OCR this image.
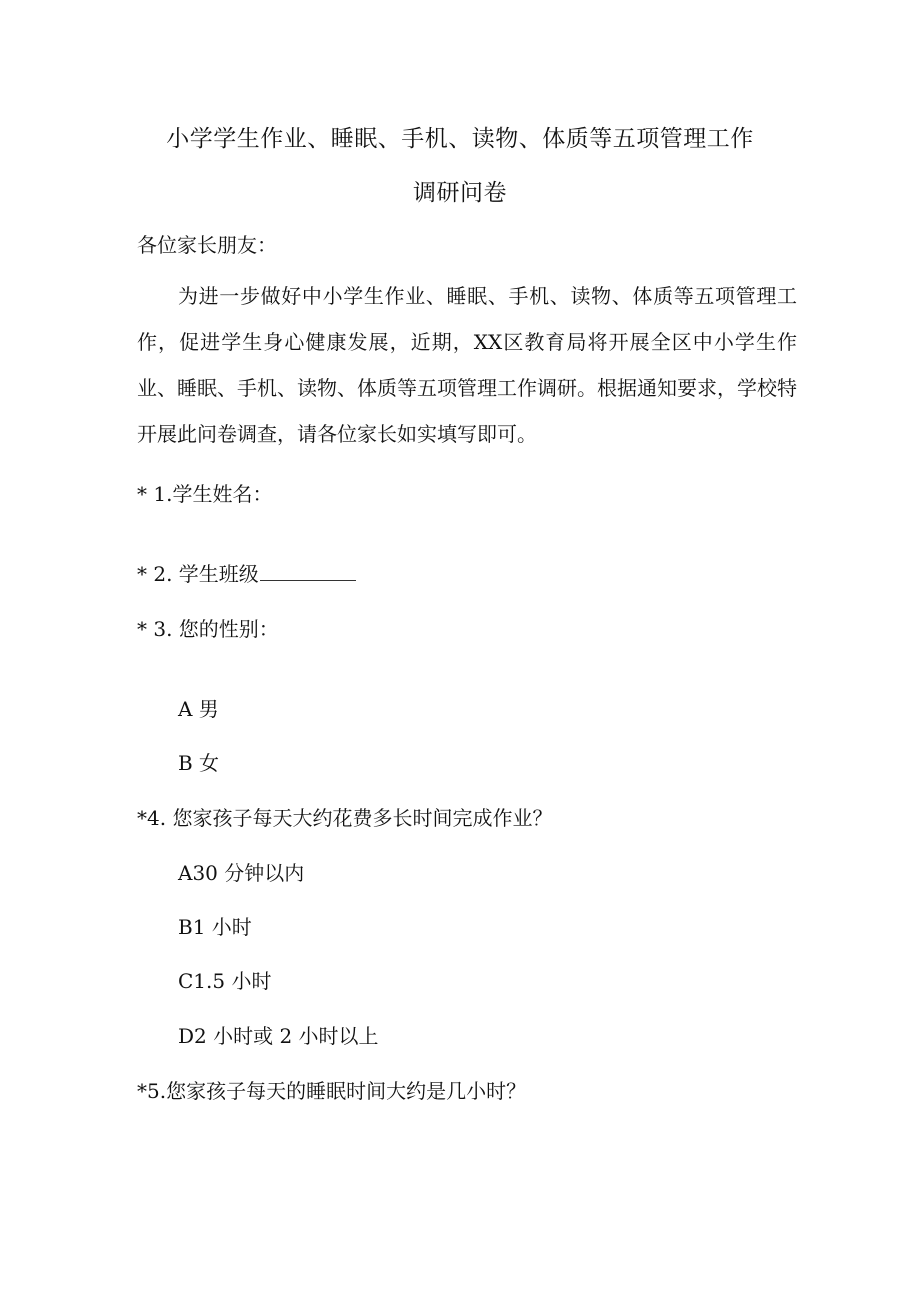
小学学生作业、睡眠、手机、读物、体质等五项管理工作
调研问卷
各位家长朋友：
为进一步做好中小学生作业、睡眠、手机、读物、体质等五项管理工作，促进学生身心健康发展，近期，XX区教育局将开展全区中小学生作业、睡眠、手机、读物、体质等五项管理工作调研。根据通知要求，学校特开展此问卷调查，请各位家长如实填写即可。
* 1.学生姓名：
* 2. 学生班级
* 3. 您的性别：
A 男
B 女
*4. 您家孩子每天大约花费多长时间完成作业？
A30 分钟以内
B1 小时
C1.5 小时
D2 小时或 2 小时以上
*5.您家孩子每天的睡眠时间大约是几小时？
